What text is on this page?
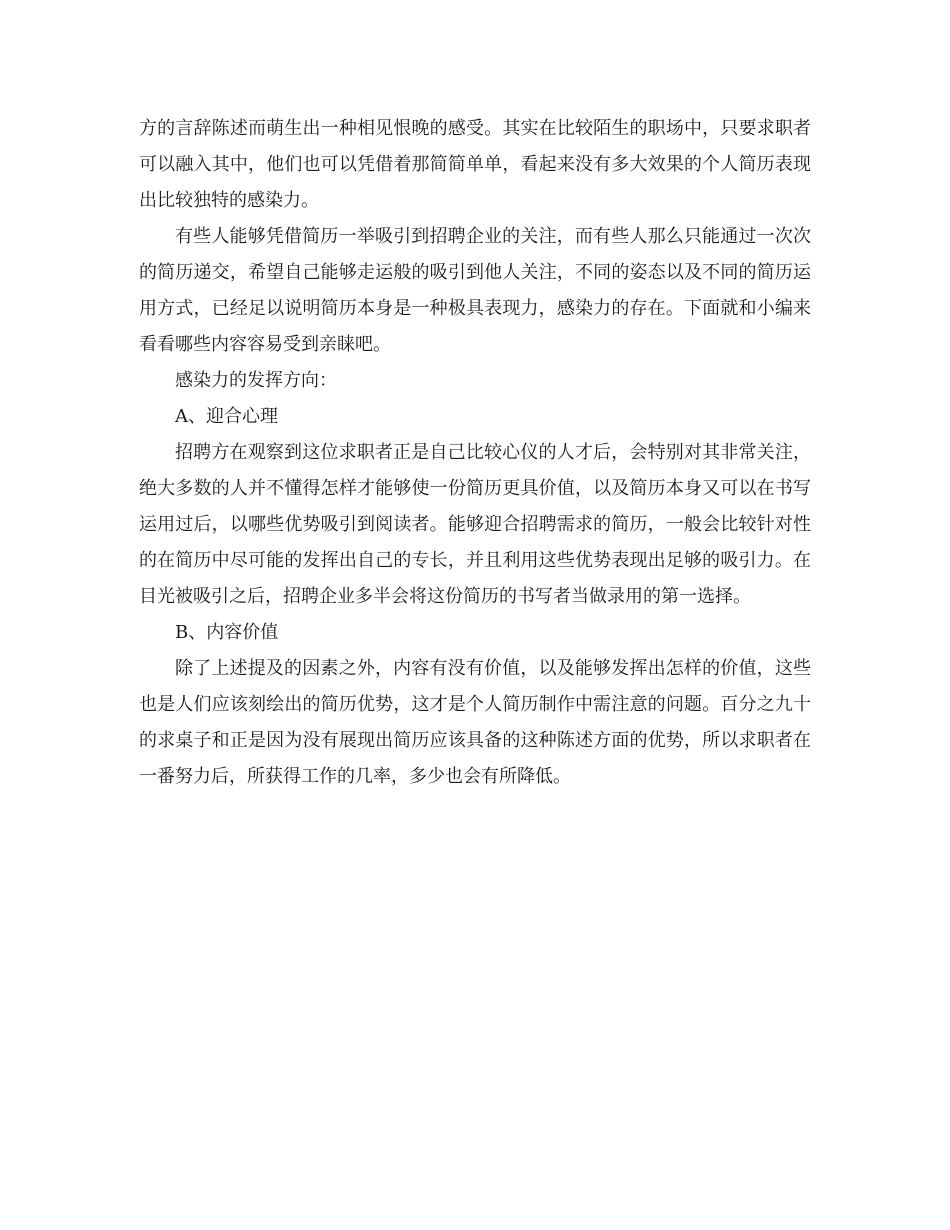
方的言辞陈述而萌生出一种相见恨晚的感受。其实在比较陌生的职场中，只要求职者可以融入其中，他们也可以凭借着那简简单单，看起来没有多大效果的个人简历表现出比较独特的感染力。

有些人能够凭借简历一举吸引到招聘企业的关注，而有些人那么只能通过一次次的简历递交，希望自己能够走运般的吸引到他人关注，不同的姿态以及不同的简历运用方式，已经足以说明简历本身是一种极具表现力，感染力的存在。下面就和小编来看看哪些内容容易受到亲睐吧。

感染力的发挥方向：

A、迎合心理

招聘方在观察到这位求职者正是自己比较心仪的人才后，会特别对其非常关注，绝大多数的人并不懂得怎样才能够使一份简历更具价值，以及简历本身又可以在书写运用过后，以哪些优势吸引到阅读者。能够迎合招聘需求的简历，一般会比较针对性的在简历中尽可能的发挥出自己的专长，并且利用这些优势表现出足够的吸引力。在目光被吸引之后，招聘企业多半会将这份简历的书写者当做录用的第一选择。

B、内容价值

除了上述提及的因素之外，内容有没有价值，以及能够发挥出怎样的价值，这些也是人们应该刻绘出的简历优势，这才是个人简历制作中需注意的问题。百分之九十的求桌子和正是因为没有展现出简历应该具备的这种陈述方面的优势，所以求职者在一番努力后，所获得工作的几率，多少也会有所降低。
